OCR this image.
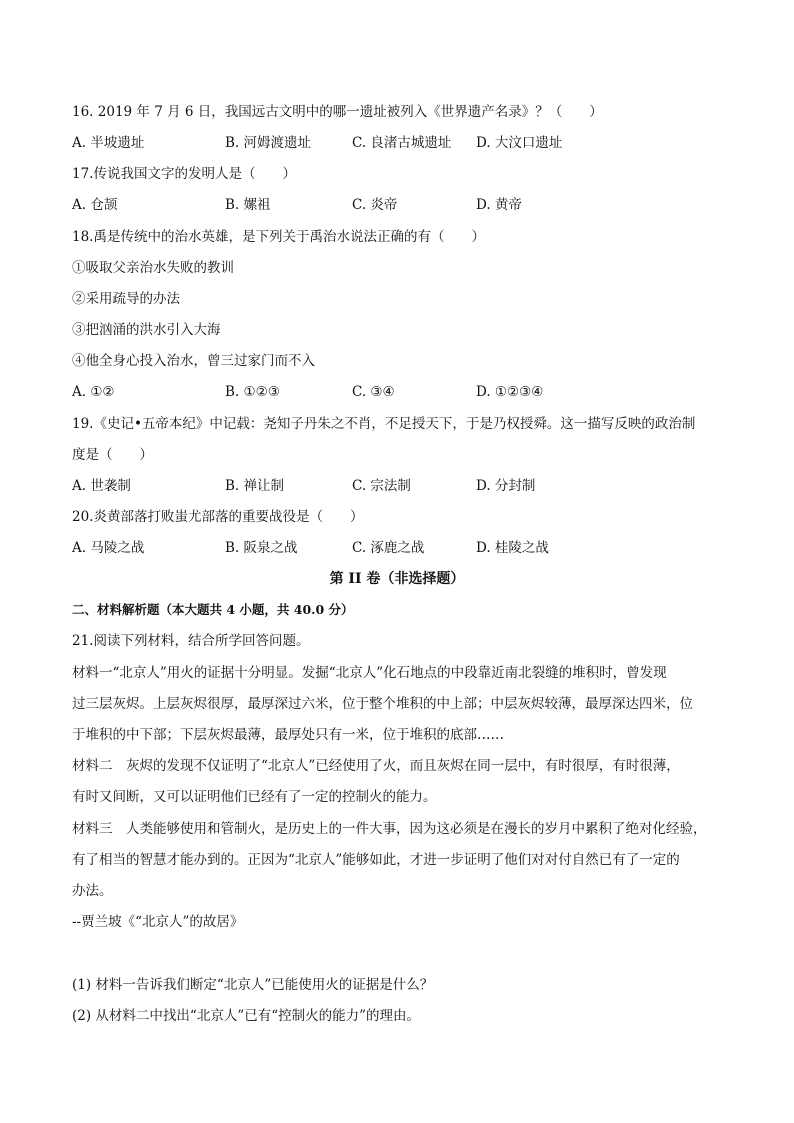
16. 2019 年 7 月 6 日，我国远古文明中的哪一遗址被列入《世界遗产名录》？（　　）
A. 半坡遗址	B. 河姆渡遗址	C. 良渚古城遗址 D. 大汶口遗址
17.传说我国文字的发明人是（　　）
A. 仓颉	B. 嫘祖	C. 炎帝	D. 黄帝
18.禹是传统中的治水英雄，是下列关于禹治水说法正确的有（　　）
①吸取父亲治水失败的教训
②采用疏导的办法
③把汹涌的洪水引入大海
④他全身心投入治水，曾三过家门而不入
A. ①②	B. ①②③	C. ③④	D. ①②③④
19.《史记•五帝本纪》中记载：尧知子丹朱之不肖，不足授天下，于是乃权授舜。这一描写反映的政治制
度是（　　）
A. 世袭制	B. 禅让制	C. 宗法制	D. 分封制
20.炎黄部落打败蚩尤部落的重要战役是（　　）
A. 马陵之战	B. 阪泉之战	C. 涿鹿之战	D. 桂陵之战
第 II 卷（非选择题）
二、材料解析题（本大题共 4 小题，共 40.0 分）
21.阅读下列材料，结合所学回答问题。
材料一“北京人”用火的证据十分明显。发掘“北京人”化石地点的中段靠近南北裂缝的堆积时，曾发现
过三层灰烬。上层灰烬很厚，最厚深过六米，位于整个堆积的中上部；中层灰烬较薄，最厚深达四米，位
于堆积的中下部；下层灰烬最薄，最厚处只有一米，位于堆积的底部……
材料二　灰烬的发现不仅证明了“北京人”已经使用了火，而且灰烬在同一层中，有时很厚，有时很薄，
有时又间断，又可以证明他们已经有了一定的控制火的能力。
材料三　人类能够使用和管制火，是历史上的一件大事，因为这必须是在漫长的岁月中累积了绝对化经验，
有了相当的智慧才能办到的。正因为“北京人”能够如此，才进一步证明了他们对对付自然已有了一定的
办法。
--贾兰坡《“北京人”的故居》
(1) 材料一告诉我们断定“北京人”已能使用火的证据是什么？
(2) 从材料二中找出“北京人”已有“控制火的能力”的理由。
